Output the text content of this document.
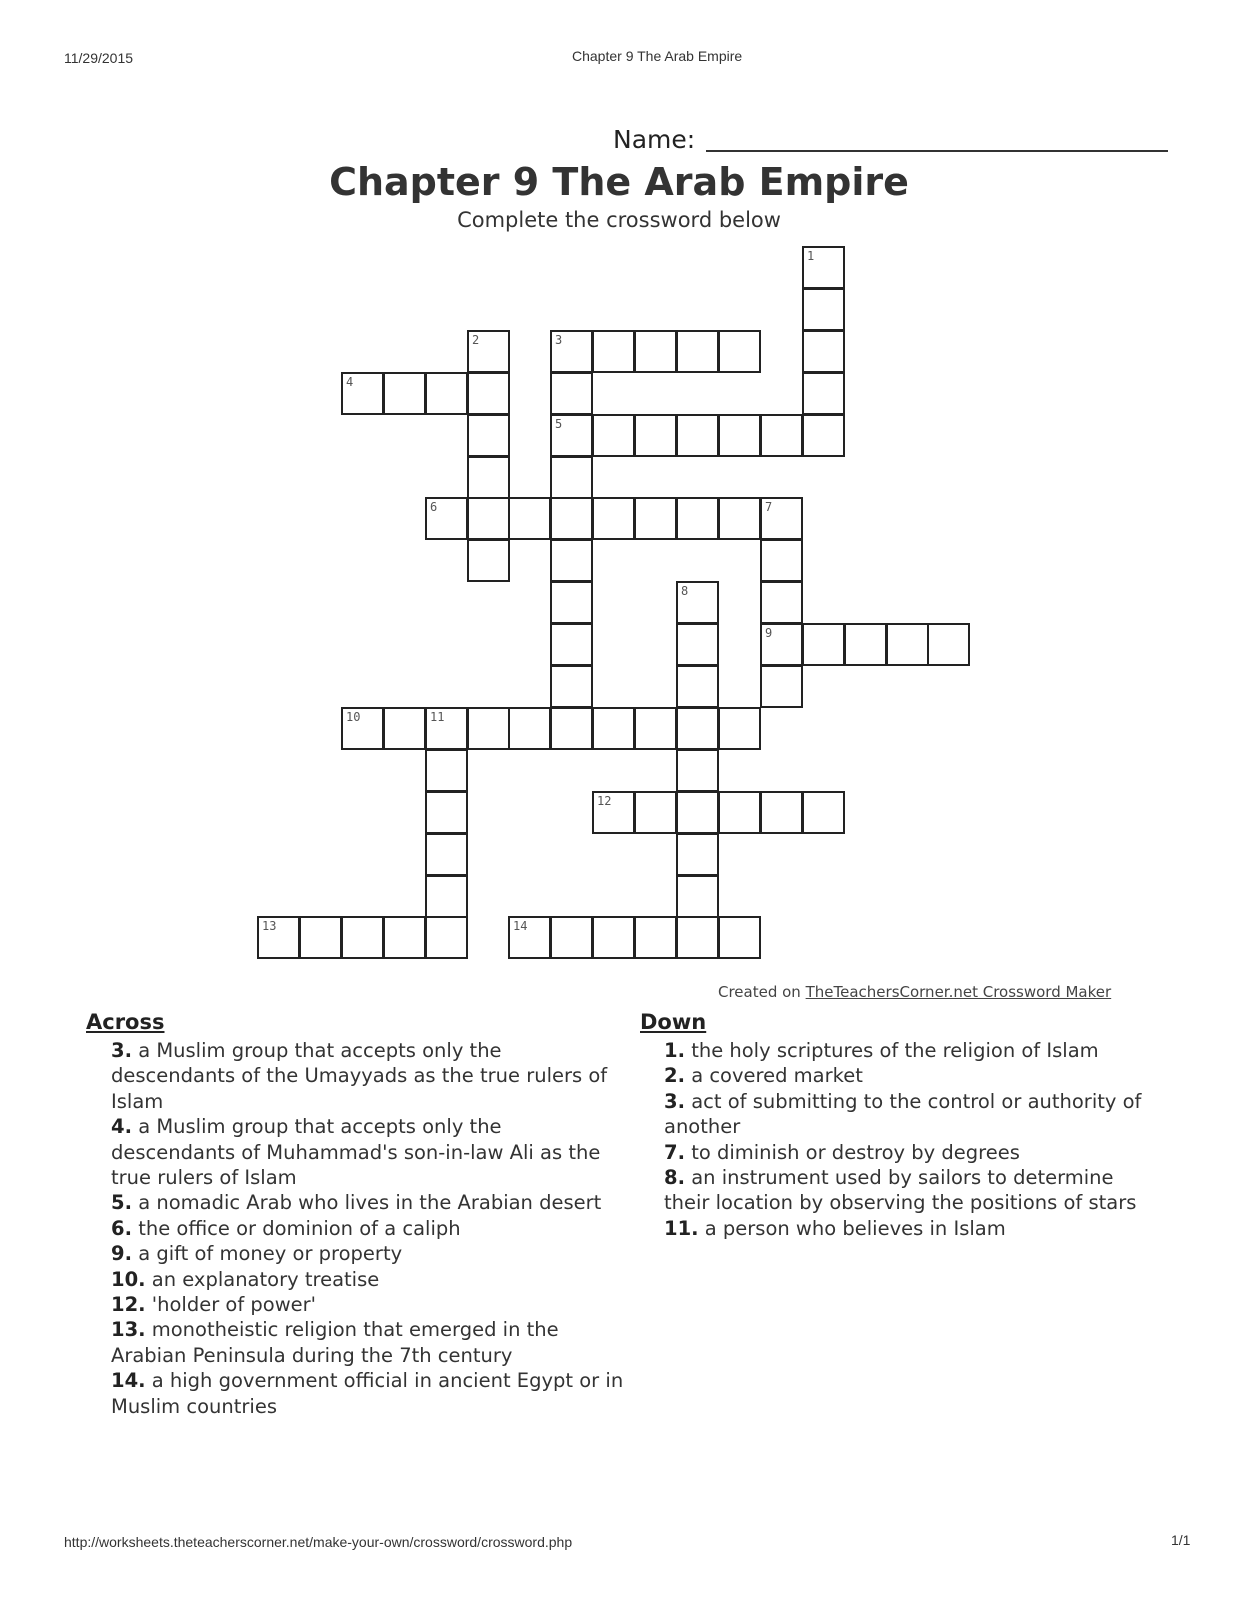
11/29/2015	Chapter 9 The Arab Empire
Name:
Chapter 9 The Arab Empire
Complete the crossword below
1
2	3
5
4
6	7
9
8
10	11
12
13	14
Created on TheTeachersCorner.net Crossword Maker
Across
3. a Muslim group that accepts only the descendants of the Umayyads as the true rulers of Islam
4. a Muslim group that accepts only the descendants of Muhammad's son-in-law Ali as the true rulers of Islam
5. a nomadic Arab who lives in the Arabian desert
6. the office or dominion of a caliph
9. a gift of money or property
10. an explanatory treatise
12. 'holder of power'
13. monotheistic religion that emerged in the Arabian Peninsula during the 7th century
14. a high government official in ancient Egypt or in Muslim countries
Down
1. the holy scriptures of the religion of Islam
2. a covered market
3. act of submitting to the control or authority of another
7. to diminish or destroy by degrees
8. an instrument used by sailors to determine their location by observing the positions of stars
11. a person who believes in Islam
http://worksheets.theteacherscorner.net/make-your-own/crossword/crossword.php	1/1
